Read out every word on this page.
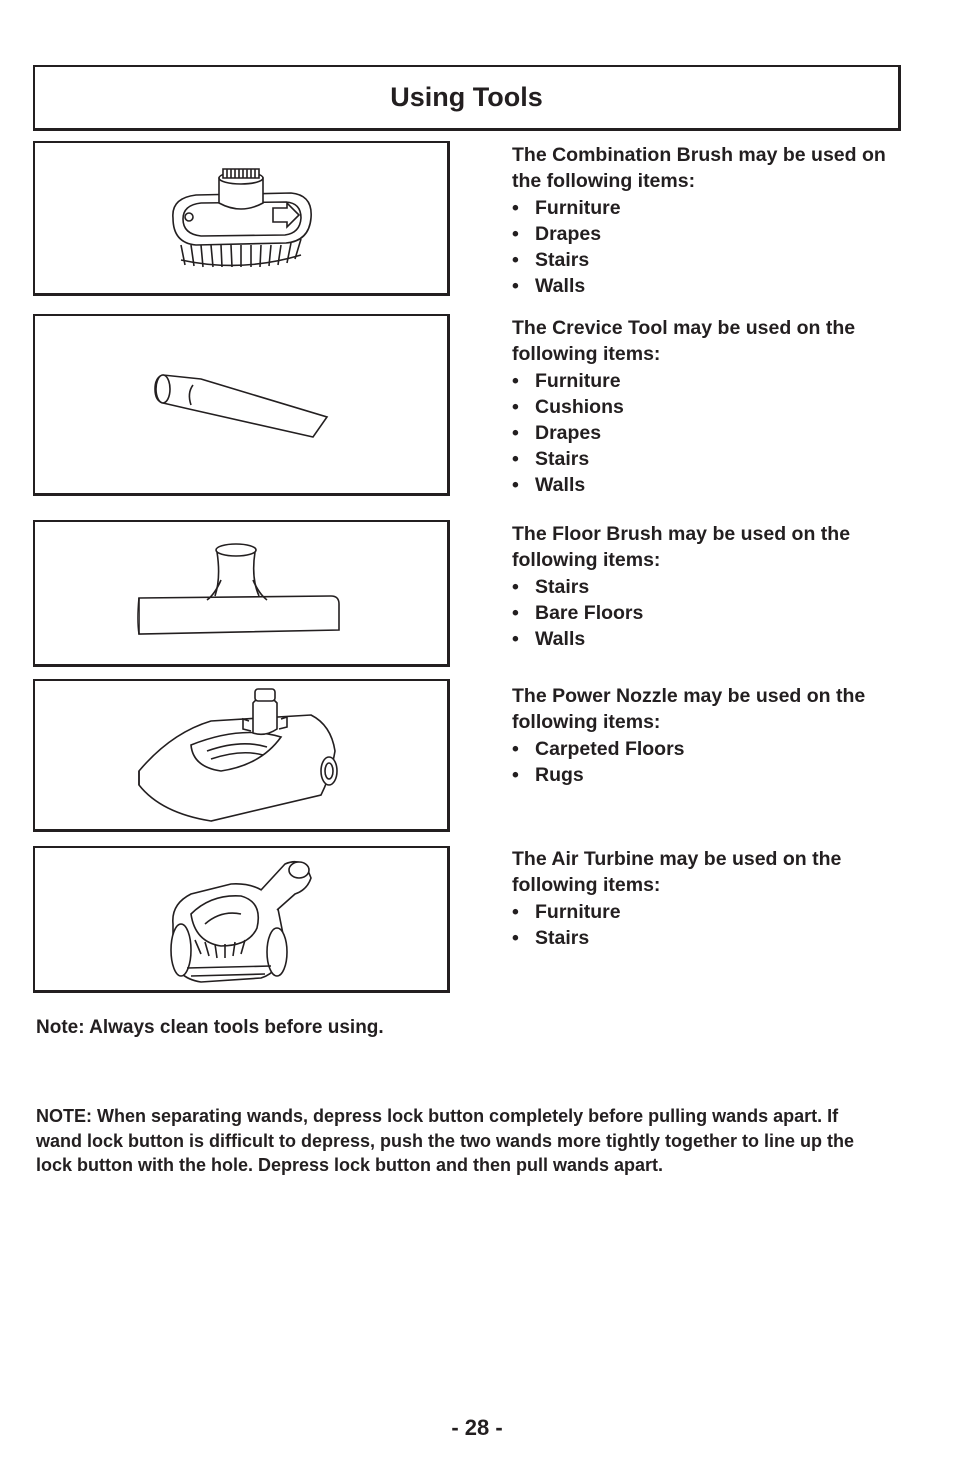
Using Tools

The Combination Brush may be used on the following items:

• Furniture
• Drapes
• Stairs
• Walls

The Crevice Tool may be used on the following items:

• Furniture
• Cushions
• Drapes
• Stairs
• Walls

The Floor Brush may be used on the following items:

• Stairs
• Bare Floors
• Walls

The Power Nozzle may be used on the following items:

• Carpeted Floors
• Rugs

The Air Turbine may be used on the following items:

• Furniture
• Stairs
Note: Always clean tools before using.
NOTE: When separating wands, depress lock button completely before pulling wands apart. If wand lock button is difficult to depress, push the two wands more tightly together to line up the lock button with the hole. Depress lock button and then pull wands apart.
- 28 -
